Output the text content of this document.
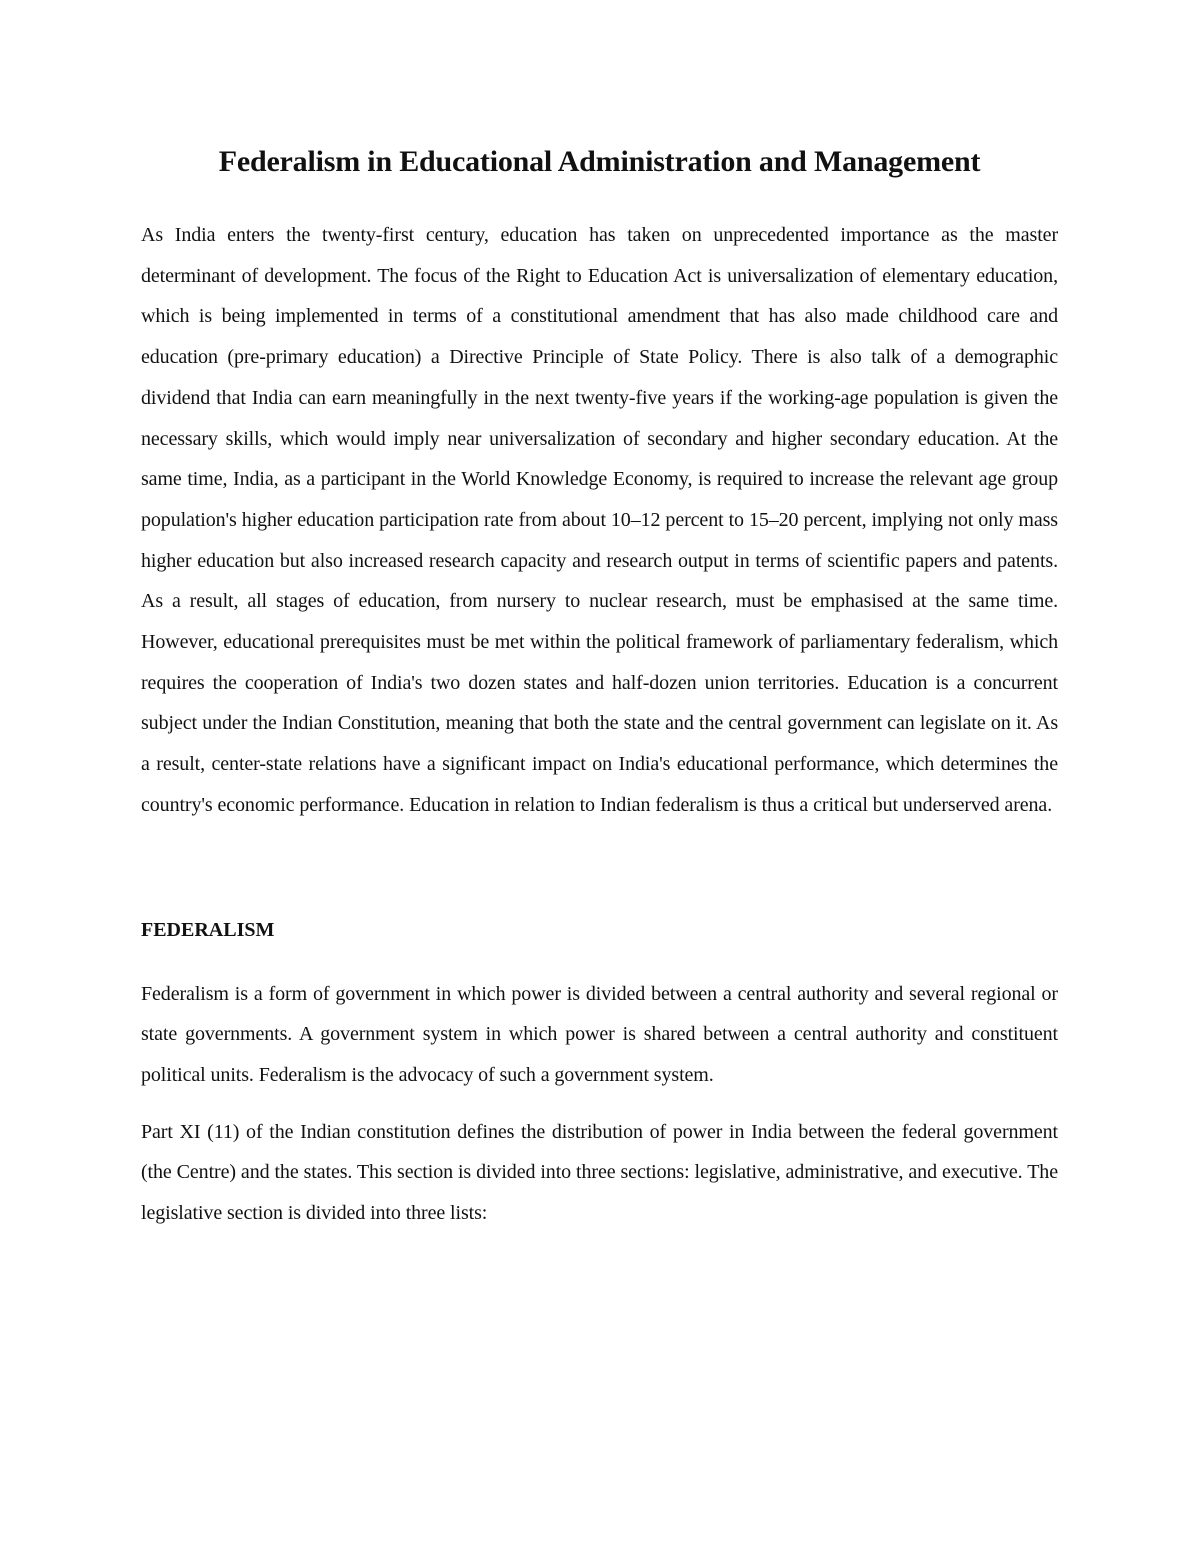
Federalism in Educational Administration and Management

As India enters the twenty-first century, education has taken on unprecedented importance as the master determinant of development. The focus of the Right to Education Act is universalization of elementary education, which is being implemented in terms of a constitutional amendment that has also made childhood care and education (pre-primary education) a Directive Principle of State Policy. There is also talk of a demographic dividend that India can earn meaningfully in the next twenty-five years if the working-age population is given the necessary skills, which would imply near universalization of secondary and higher secondary education. At the same time, India, as a participant in the World Knowledge Economy, is required to increase the relevant age group population's higher education participation rate from about 10–12 percent to 15–20 percent, implying not only mass higher education but also increased research capacity and research output in terms of scientific papers and patents. As a result, all stages of education, from nursery to nuclear research, must be emphasised at the same time. However, educational prerequisites must be met within the political framework of parliamentary federalism, which requires the cooperation of India's two dozen states and half-dozen union territories. Education is a concurrent subject under the Indian Constitution, meaning that both the state and the central government can legislate on it. As a result, center-state relations have a significant impact on India's educational performance, which determines the country's economic performance. Education in relation to Indian federalism is thus a critical but underserved arena.

FEDERALISM

Federalism is a form of government in which power is divided between a central authority and several regional or state governments. A government system in which power is shared between a central authority and constituent political units. Federalism is the advocacy of such a government system.

Part XI (11) of the Indian constitution defines the distribution of power in India between the federal government (the Centre) and the states. This section is divided into three sections: legislative, administrative, and executive. The legislative section is divided into three lists:
